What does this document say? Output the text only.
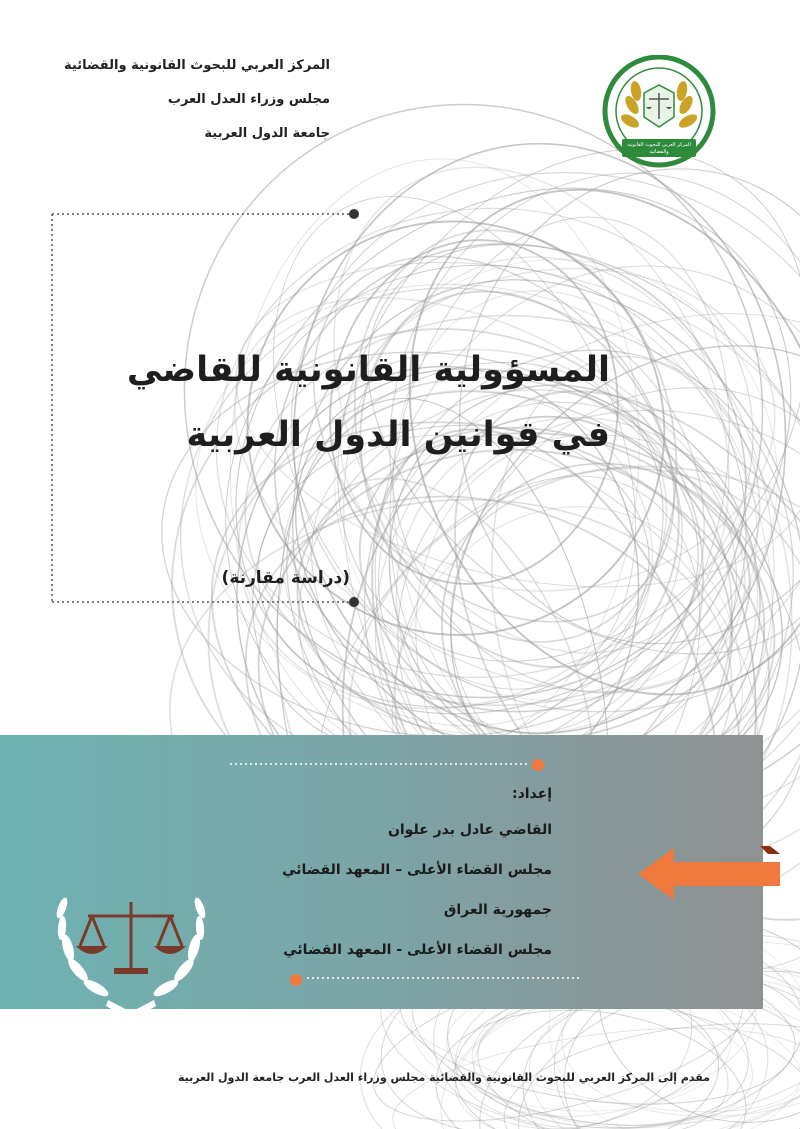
المركز العربي للبحوث القانونية والقضائية
مجلس وزراء العدل العرب
جامعة الدول العربية
المركز العربي للبحوث القانونية والقضائية
المسؤولية القانونية للقاضي
في قوانين الدول العربية
(دراسة مقارنة)
إعداد:
القاضي عادل بدر علوان
مجلس القضاء الأعلى – المعهد القضائي
جمهورية العراق
مجلس القضاء الأعلى - المعهد القضائي
مقدم إلى المركز العربي للبحوث القانونية والقضائية مجلس وزراء العدل العرب جامعة الدول العربية
